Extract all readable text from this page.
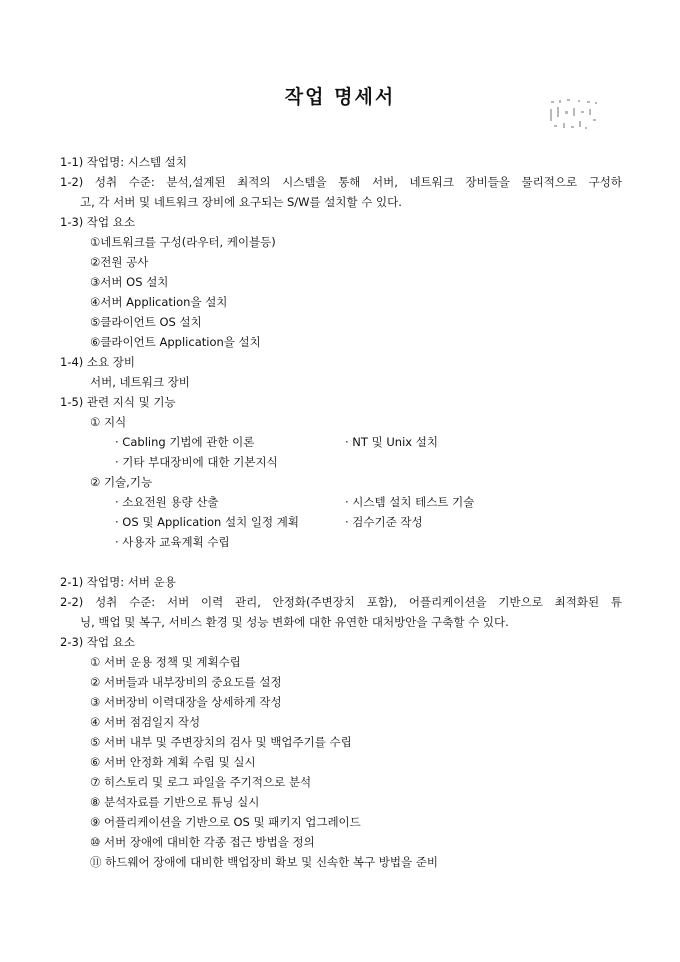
작업 명세서
1-1) 작업명: 시스템 설치
1-2) 성취 수준: 분석,설계된 최적의 시스템을 통해 서버, 네트워크 장비들을 물리적으로 구성하
고, 각 서버 및 네트워크 장비에 요구되는 S/W를 설치할 수 있다.
1-3) 작업 요소
①네트워크를 구성(라우터, 케이블등)
②전원 공사
③서버 OS 설치
④서버 Application을 설치
⑤클라이언트 OS 설치
⑥클라이언트 Application을 설치
1-4) 소요 장비
서버, 네트워크 장비
1-5) 관련 지식 및 기능
① 지식
· Cabling 기법에 관한 이론	· NT 및 Unix 설치
· 기타 부대장비에 대한 기본지식
② 기술,기능
· 소요전원 용량 산출	· 시스템 설치 테스트 기술
· OS 및 Application 설치 일정 계획	· 검수기준 작성
· 사용자 교육계획 수립
2-1) 작업명: 서버 운용
2-2) 성취 수준: 서버 이력 관리, 안정화(주변장치 포함), 어플리케이션을 기반으로 최적화된 튜
닝, 백업 및 복구, 서비스 환경 및 성능 변화에 대한 유연한 대처방안을 구축할 수 있다.
2-3) 작업 요소
① 서버 운용 정책 및 계획수립
② 서버들과 내부장비의 중요도를 설정
③ 서버장비 이력대장을 상세하게 작성
④ 서버 점검일지 작성
⑤ 서버 내부 및 주변장치의 검사 및 백업주기를 수립
⑥ 서버 안정화 계획 수립 및 실시
⑦ 히스토리 및 로그 파일을 주기적으로 분석
⑧ 분석자료를 기반으로 튜닝 실시
⑨ 어플리케이션을 기반으로 OS 및 패키지 업그레이드
⑩ 서버 장애에 대비한 각종 접근 방법을 정의
⑪ 하드웨어 장애에 대비한 백업장비 확보 및 신속한 복구 방법을 준비
